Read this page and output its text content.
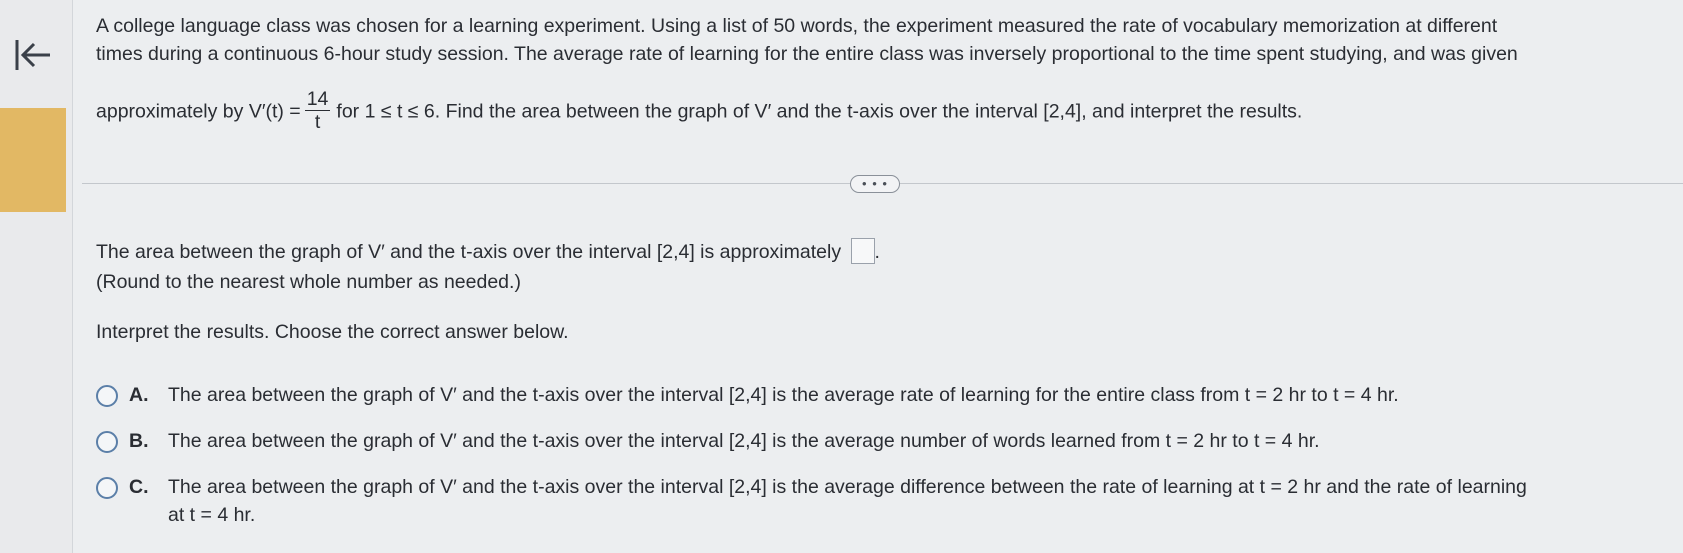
A college language class was chosen for a learning experiment. Using a list of 50 words, the experiment measured the rate of vocabulary memorization at different
times during a continuous 6-hour study session. The average rate of learning for the entire class was inversely proportional to the time spent studying, and was given
approximately by $V'(t) = \frac{14}{t}$ for 1 ≤ t ≤ 6. Find the area between the graph of V′ and the t-axis over the interval [2,4], and interpret the results.
• • •
The area between the graph of V′ and the t-axis over the interval [2,4] is approximately .
(Round to the nearest whole number as needed.)
Interpret the results. Choose the correct answer below.
A. The area between the graph of V′ and the t-axis over the interval [2,4] is the average rate of learning for the entire class from t = 2 hr to t = 4 hr.
B. The area between the graph of V′ and the t-axis over the interval [2,4] is the average number of words learned from t = 2 hr to t = 4 hr.
C. The area between the graph of V′ and the t-axis over the interval [2,4] is the average difference between the rate of learning at t = 2 hr and the rate of learning
at t = 4 hr.
